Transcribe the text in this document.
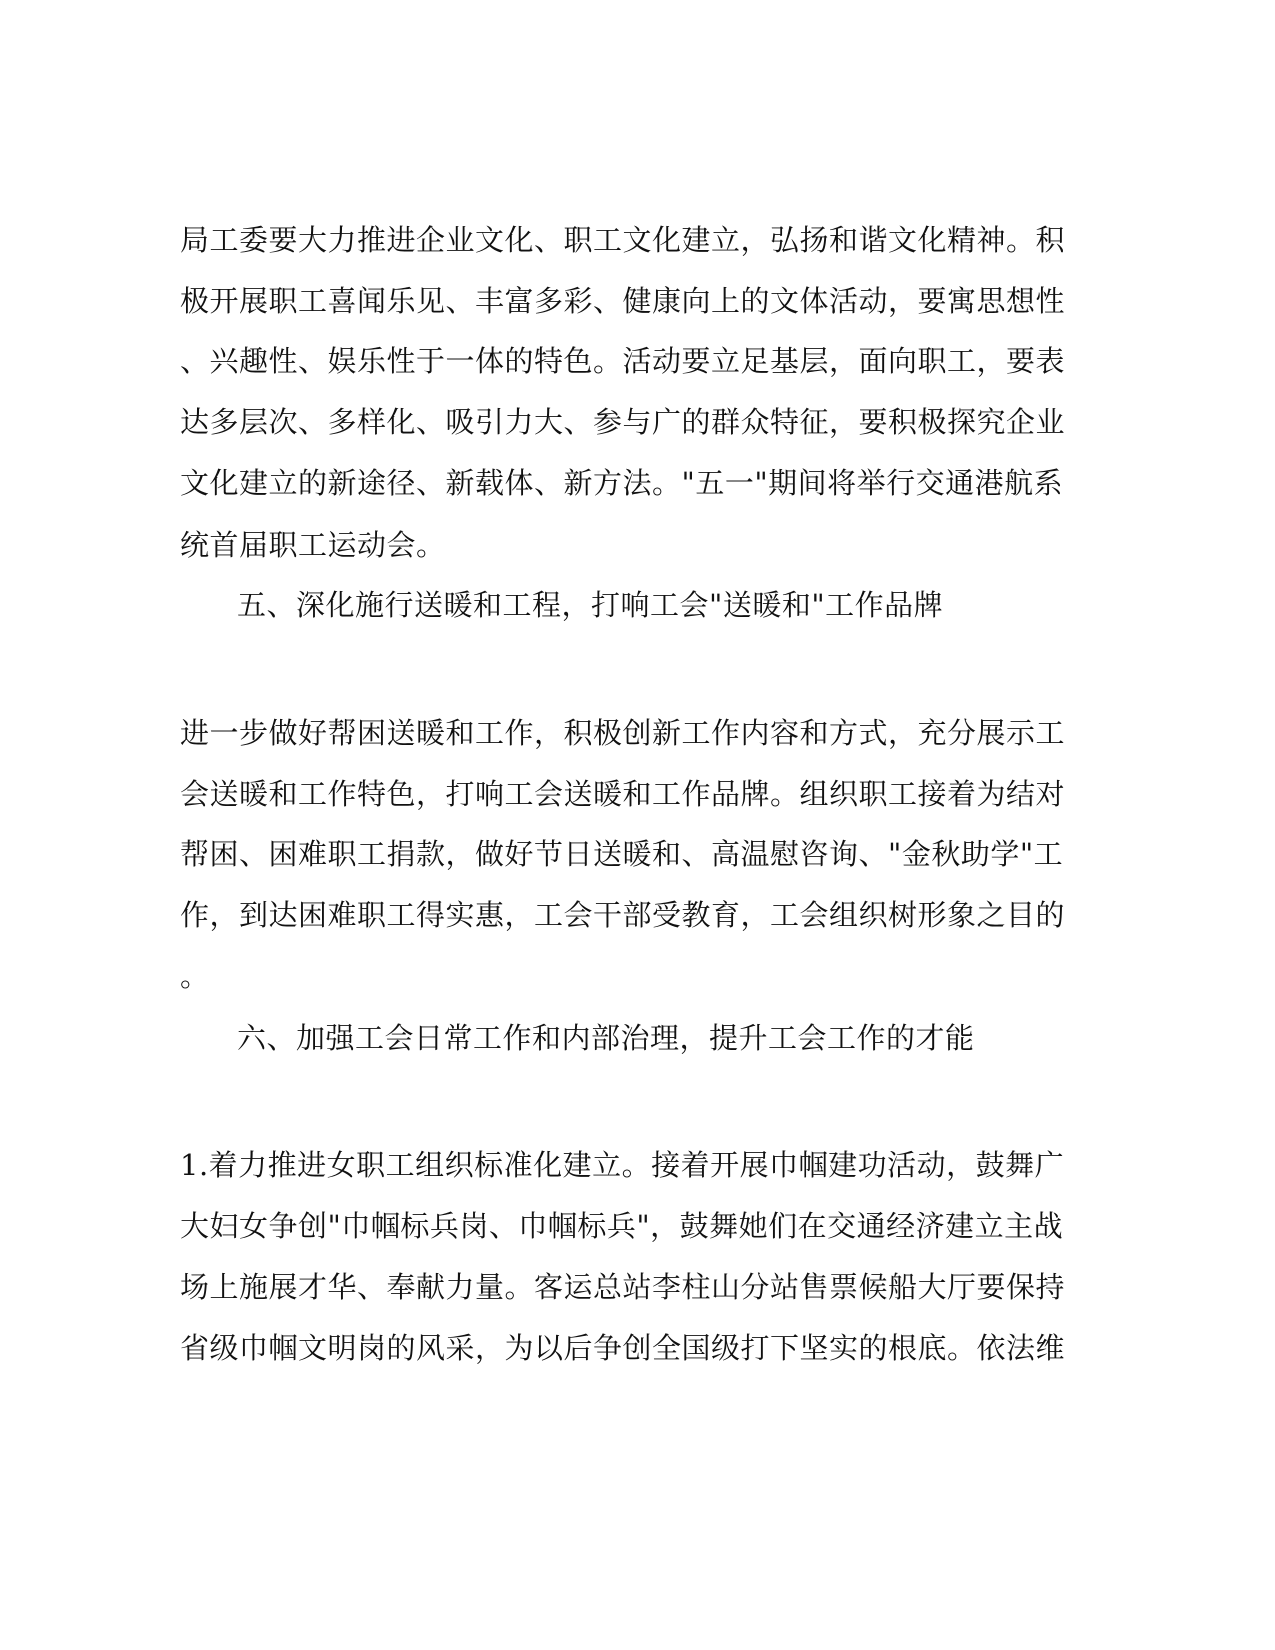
局工委要大力推进企业文化、职工文化建立，弘扬和谐文化精神。积
极开展职工喜闻乐见、丰富多彩、健康向上的文体活动，要寓思想性
、兴趣性、娱乐性于一体的特色。活动要立足基层，面向职工，要表
达多层次、多样化、吸引力大、参与广的群众特征，要积极探究企业
文化建立的新途径、新载体、新方法。"五一"期间将举行交通港航系
统首届职工运动会。
五、深化施行送暖和工程，打响工会"送暖和"工作品牌
进一步做好帮困送暖和工作，积极创新工作内容和方式，充分展示工
会送暖和工作特色，打响工会送暖和工作品牌。组织职工接着为结对
帮困、困难职工捐款，做好节日送暖和、高温慰咨询、"金秋助学"工
作，到达困难职工得实惠，工会干部受教育，工会组织树形象之目的
。
六、加强工会日常工作和内部治理，提升工会工作的才能
1.着力推进女职工组织标准化建立。接着开展巾帼建功活动，鼓舞广
大妇女争创"巾帼标兵岗、巾帼标兵"，鼓舞她们在交通经济建立主战
场上施展才华、奉献力量。客运总站李柱山分站售票候船大厅要保持
省级巾帼文明岗的风采，为以后争创全国级打下坚实的根底。依法维
